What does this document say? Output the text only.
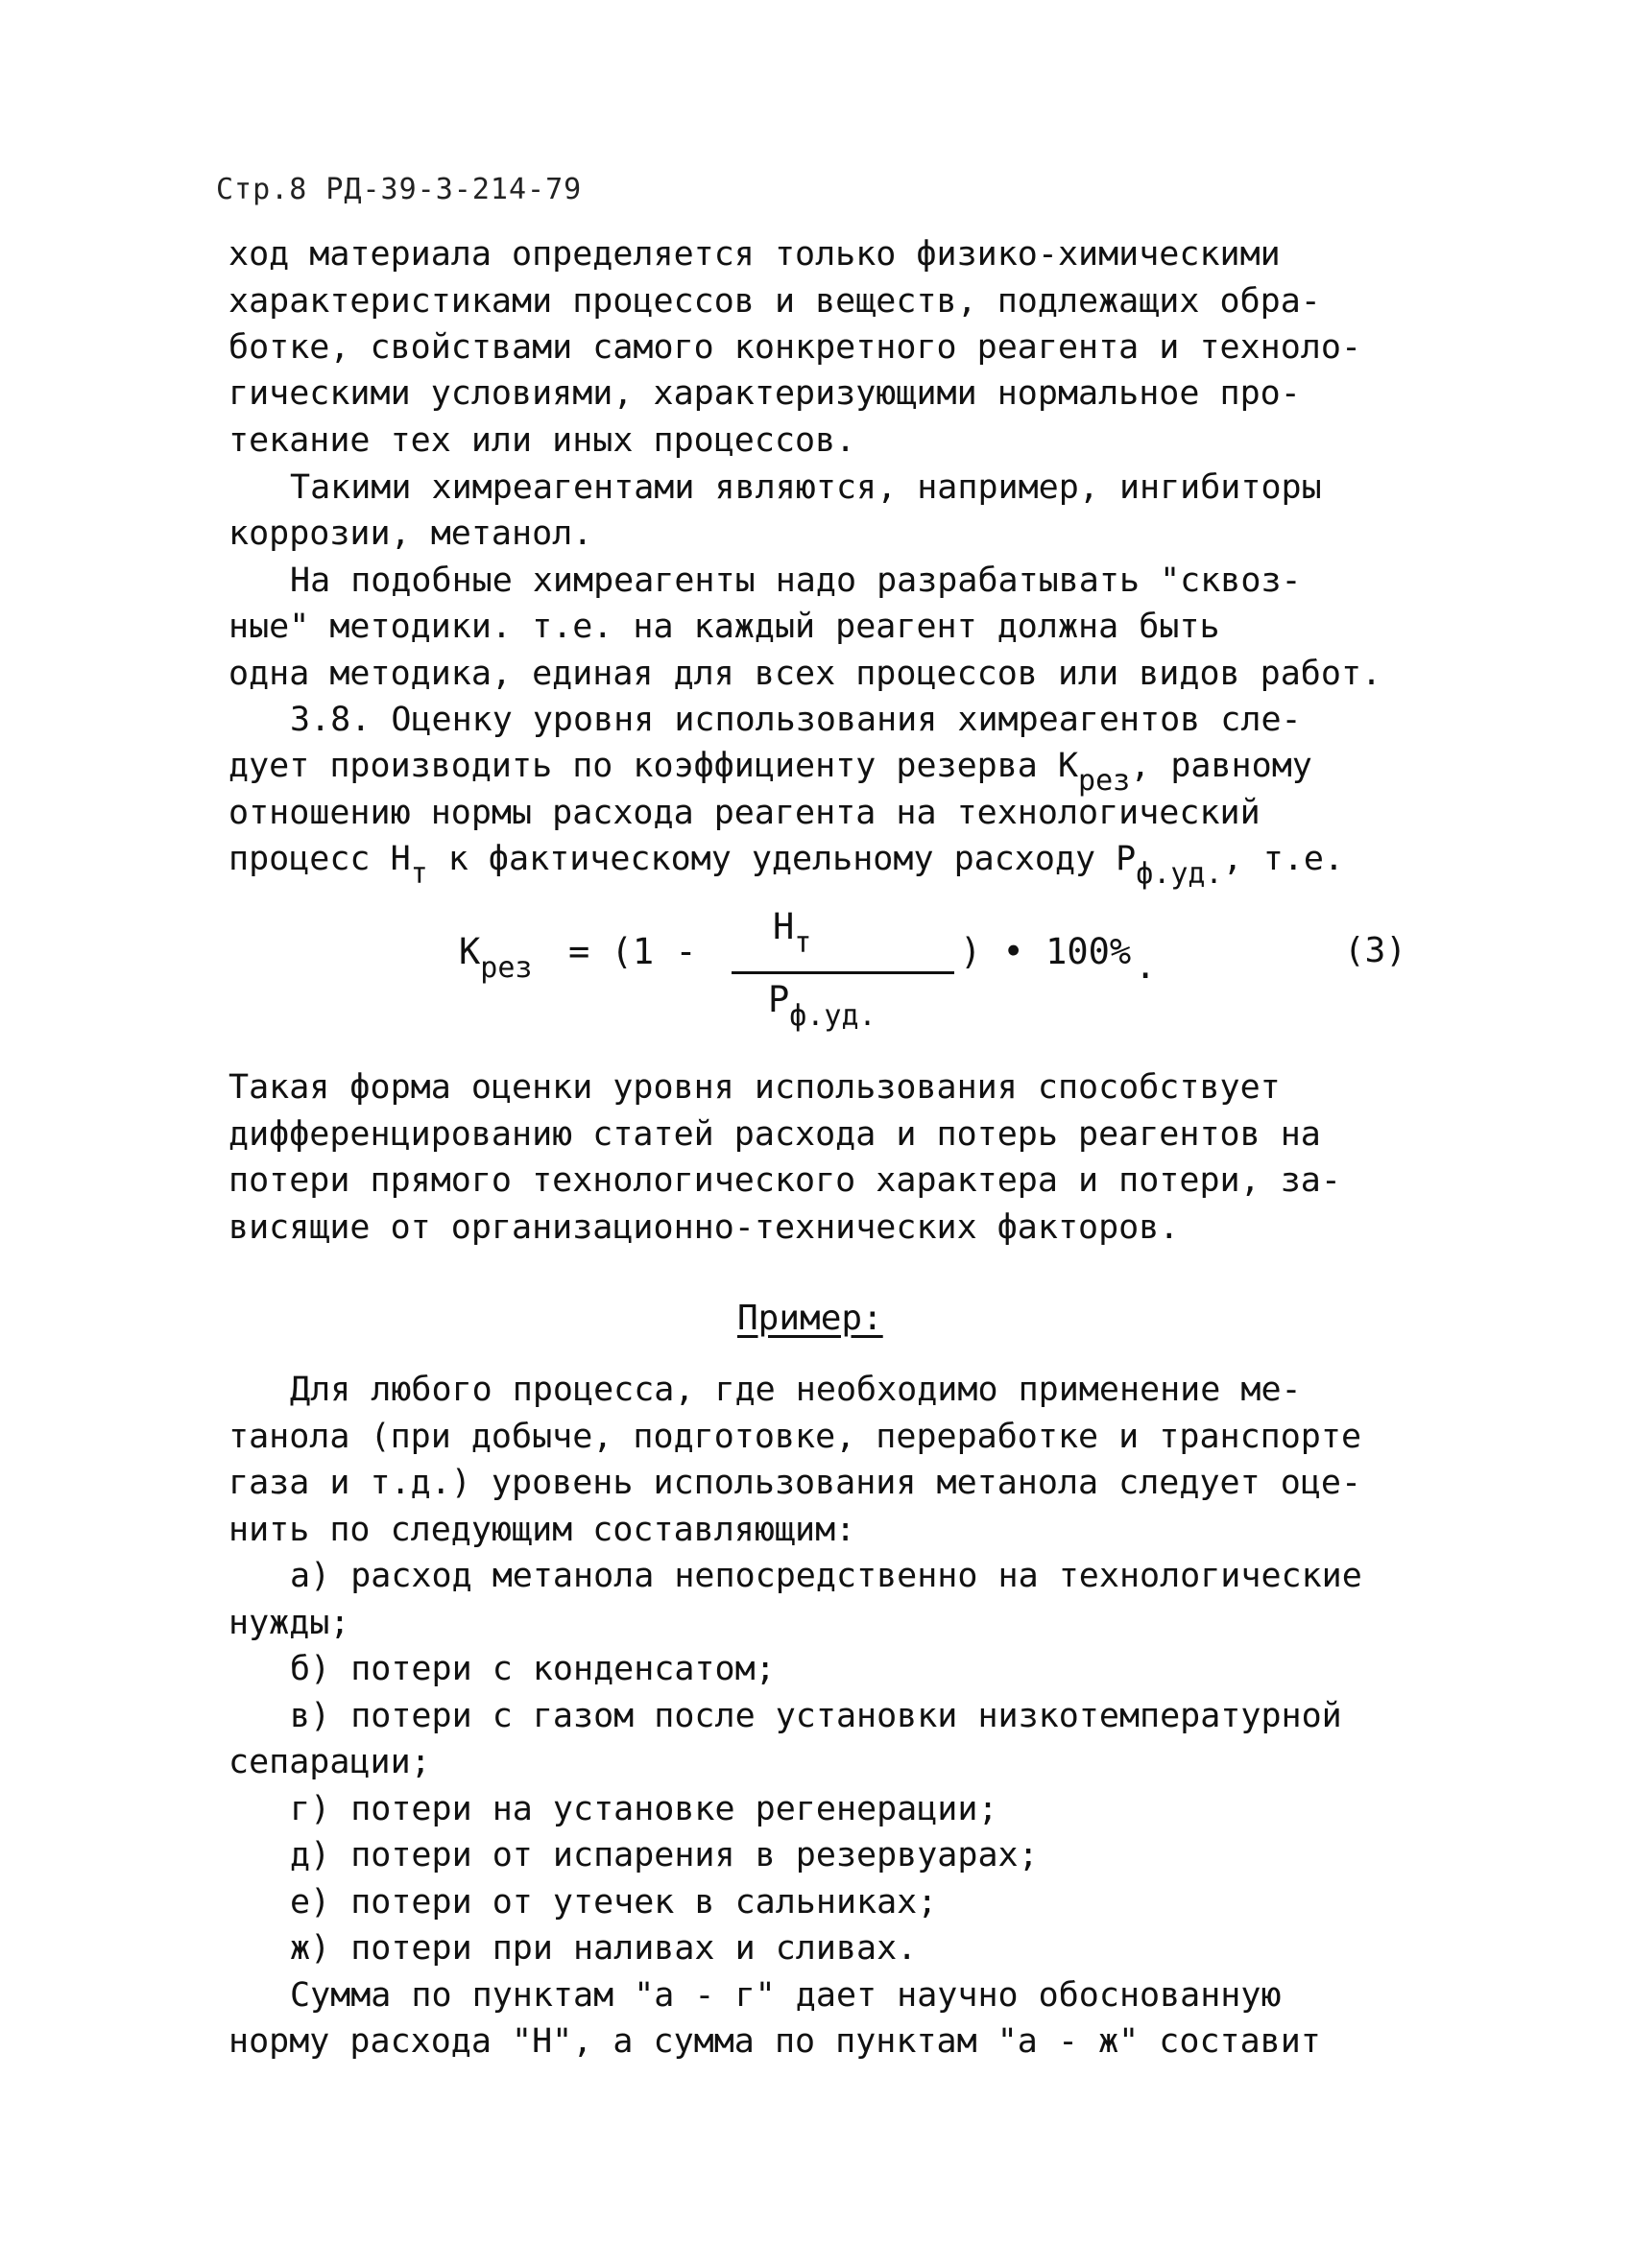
Стр.8 РД-39-3-214-79
ход материала определяется только физико-химическими
характеристиками процессов и веществ, подлежащих обра-
ботке, свойствами самого конкретного реагента и техноло-
гическими условиями, характеризующими нормальное про-
текание тех или иных процессов.
Такими химреагентами являются, например, ингибиторы
коррозии, метанол.
На подобные химреагенты надо разрабатывать "сквоз-
ные" методики. т.е. на каждый реагент должна быть
одна методика, единая для всех процессов или видов работ.
3.8. Оценку уровня использования химреагентов сле-
дует производить по коэффициенту резерва Kрез, равному
отношению нормы расхода реагента на технологический
процесс Hт к фактическому удельному расходу Pф.уд., т.е.
$K_{рез} = (1$ -
$H_т$
$P_{ф.уд.}$
) • 100% .	(3)
Такая форма оценки уровня использования способствует
дифференцированию статей расхода и потерь реагентов на
потери прямого технологического характера и потери, за-
висящие от организационно-технических факторов.
Пример:
Для любого процесса, где необходимо применение ме-
танола (при добыче, подготовке, переработке и транспорте
газа и т.д.) уровень использования метанола следует оце-
нить по следующим составляющим:
а) расход метанола непосредственно на технологические
нужды;
б) потери с конденсатом;
в) потери с газом после установки низкотемпературной
сепарации;
г) потери на установке регенерации;
д) потери от испарения в резервуарах;
е) потери от утечек в сальниках;
ж) потери при наливах и сливах.
Сумма по пунктам "а - г" дает научно обоснованную
норму расхода "Н", а сумма по пунктам "а - ж" составит
